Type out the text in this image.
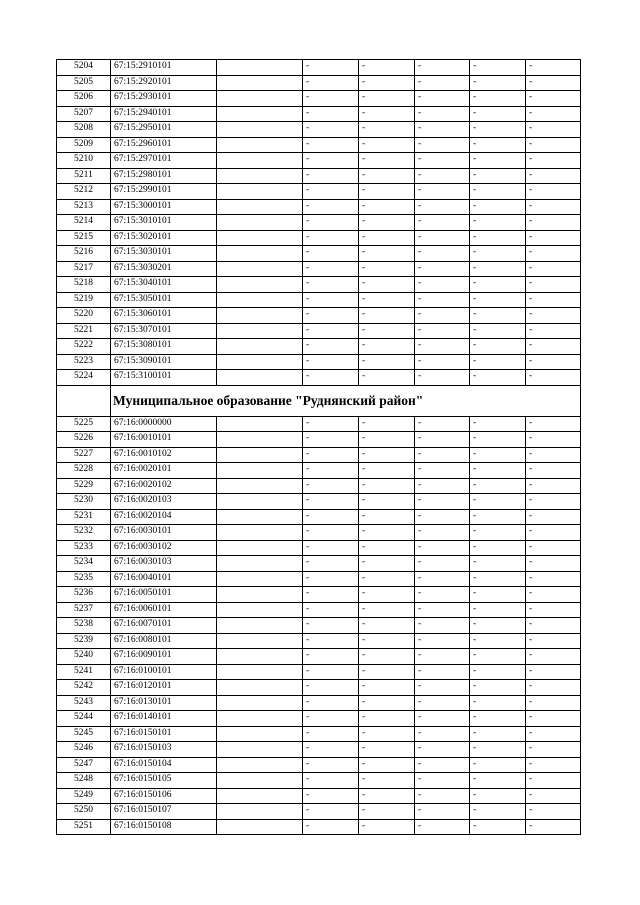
5204	67:15:2910101		-	-	-	-	-
5205	67:15:2920101		-	-	-	-	-
5206	67:15:2930101		-	-	-	-	-
5207	67:15:2940101		-	-	-	-	-
5208	67:15:2950101		-	-	-	-	-
5209	67:15:2960101		-	-	-	-	-
5210	67:15:2970101		-	-	-	-	-
5211	67:15:2980101		-	-	-	-	-
5212	67:15:2990101		-	-	-	-	-
5213	67:15:3000101		-	-	-	-	-
5214	67:15:3010101		-	-	-	-	-
5215	67:15:3020101		-	-	-	-	-
5216	67:15:3030101		-	-	-	-	-
5217	67:15:3030201		-	-	-	-	-
5218	67:15:3040101		-	-	-	-	-
5219	67:15:3050101		-	-	-	-	-
5220	67:15:3060101		-	-	-	-	-
5221	67:15:3070101		-	-	-	-	-
5222	67:15:3080101		-	-	-	-	-
5223	67:15:3090101		-	-	-	-	-
5224	67:15:3100101		-	-	-	-	-
	Муниципальное образование "Руднянский район"						
5225	67:16:0000000		-	-	-	-	-
5226	67:16:0010101		-	-	-	-	-
5227	67:16:0010102		-	-	-	-	-
5228	67:16:0020101		-	-	-	-	-
5229	67:16:0020102		-	-	-	-	-
5230	67:16:0020103		-	-	-	-	-
5231	67:16:0020104		-	-	-	-	-
5232	67:16:0030101		-	-	-	-	-
5233	67:16:0030102		-	-	-	-	-
5234	67:16:0030103		-	-	-	-	-
5235	67:16:0040101		-	-	-	-	-
5236	67:16:0050101		-	-	-	-	-
5237	67:16:0060101		-	-	-	-	-
5238	67:16:0070101		-	-	-	-	-
5239	67:16:0080101		-	-	-	-	-
5240	67:16:0090101		-	-	-	-	-
5241	67:16:0100101		-	-	-	-	-
5242	67:16:0120101		-	-	-	-	-
5243	67:16:0130101		-	-	-	-	-
5244	67:16:0140101		-	-	-	-	-
5245	67:16:0150101		-	-	-	-	-
5246	67:16:0150103		-	-	-	-	-
5247	67:16:0150104		-	-	-	-	-
5248	67:16:0150105		-	-	-	-	-
5249	67:16:0150106		-	-	-	-	-
5250	67:16:0150107		-	-	-	-	-
5251	67:16:0150108		-	-	-	-	-
